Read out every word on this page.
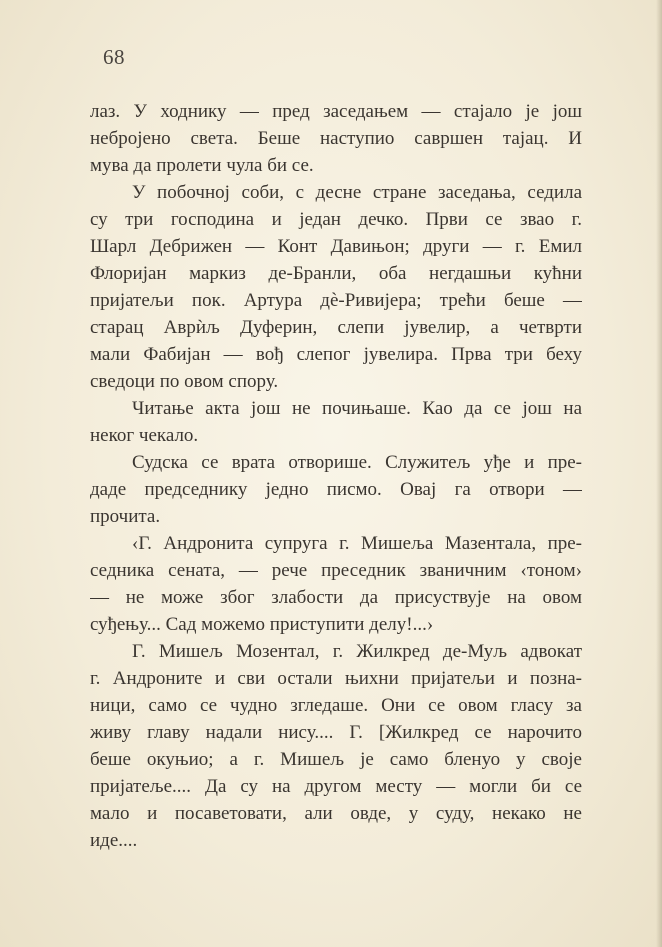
68
лаз. У ходнику — пред заседањем — стајало је још
небројено света. Беше наступио савршен тајац. И
мува да пролети чула би се.
У побочној соби, с десне стране заседања, седила
су три господина и један дечко. Први се звао г.
Шарл Дебрижен — Конт Давињон; други — г. Емил
Флоријан маркиз де-Бранли, оба негдашњи кућни
пријатељи пок. Артура дѐ-Ривијера; трећи беше —
старац Аврѝљ Дуферин, слепи јувелир, а четврти
мали Фабијан — вођ слепог јувелира. Прва три беху
сведоци по овом спору.
Читање акта још не почињаше. Као да се још на
неког чекало.
Судска се врата отворише. Служитељ уђе и пре-
даде председнику једно писмо. Овај га отвори —
прочита.
‹Г. Андронита супруга г. Мишеља Мазентала, пре-
седника сената, — рече преседник званичним ‹тоном›
— не може због злабости да присуствује на овом
суђењу... Сад можемо приступити делу!...›
Г. Мишељ Мозентал, г. Жилкред де-Муљ адвокат
г. Андроните и сви остали њихни пријатељи и позна-
ници, само се чудно згледаше. Они се овом гласу за
живу главу надали нису.... Г. [Жилкред се нарочито
беше окуњио; а г. Мишељ је само бленуо у своје
пријатеље.... Да су на другом месту — могли би се
мало и посаветовати, али овде, у суду, некако не
иде....
